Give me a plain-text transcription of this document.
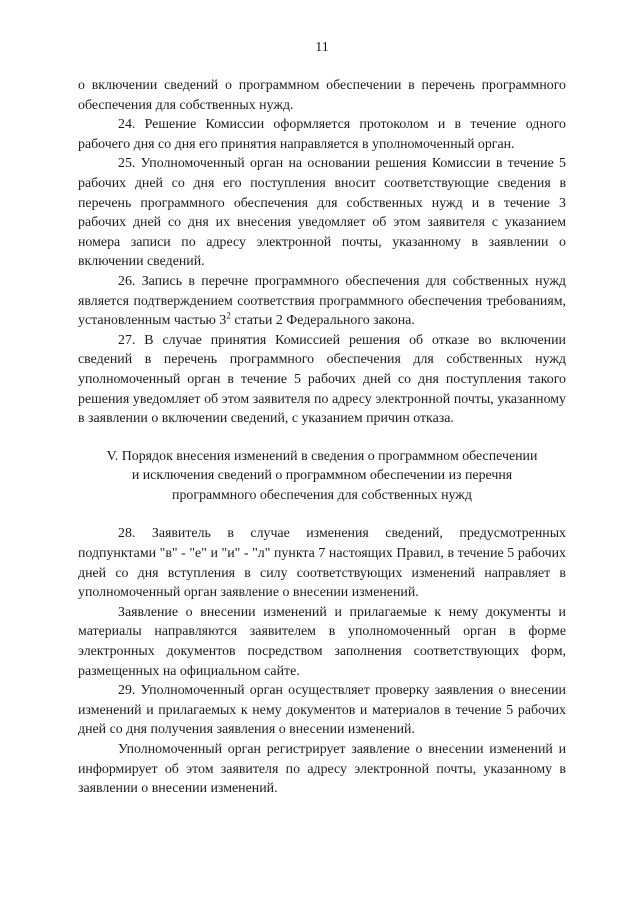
11

о включении сведений о программном обеспечении в перечень программного обеспечения для собственных нужд.

24. Решение Комиссии оформляется протоколом и в течение одного рабочего дня со дня его принятия направляется в уполномоченный орган.

25. Уполномоченный орган на основании решения Комиссии в течение 5 рабочих дней со дня его поступления вносит соответствующие сведения в перечень программного обеспечения для собственных нужд и в течение 3 рабочих дней со дня их внесения уведомляет об этом заявителя с указанием номера записи по адресу электронной почты, указанному в заявлении о включении сведений.

26. Запись в перечне программного обеспечения для собственных нужд является подтверждением соответствия программного обеспечения требованиям, установленным частью $3^2$ статьи 2 Федерального закона.

27. В случае принятия Комиссией решения об отказе во включении сведений в перечень программного обеспечения для собственных нужд уполномоченный орган в течение 5 рабочих дней со дня поступления такого решения уведомляет об этом заявителя по адресу электронной почты, указанному в заявлении о включении сведений, с указанием причин отказа.

V. Порядок внесения изменений в сведения о программном обеспечении
и исключения сведений о программном обеспечении из перечня
программного обеспечения для собственных нужд

28. Заявитель в случае изменения сведений, предусмотренных подпунктами "в" - "е" и "и" - "л" пункта 7 настоящих Правил, в течение 5 рабочих дней со дня вступления в силу соответствующих изменений направляет в уполномоченный орган заявление о внесении изменений.

Заявление о внесении изменений и прилагаемые к нему документы и материалы направляются заявителем в уполномоченный орган в форме электронных документов посредством заполнения соответствующих форм, размещенных на официальном сайте.

29. Уполномоченный орган осуществляет проверку заявления о внесении изменений и прилагаемых к нему документов и материалов в течение 5 рабочих дней со дня получения заявления о внесении изменений.

Уполномоченный орган регистрирует заявление о внесении изменений и информирует об этом заявителя по адресу электронной почты, указанному в заявлении о внесении изменений.
